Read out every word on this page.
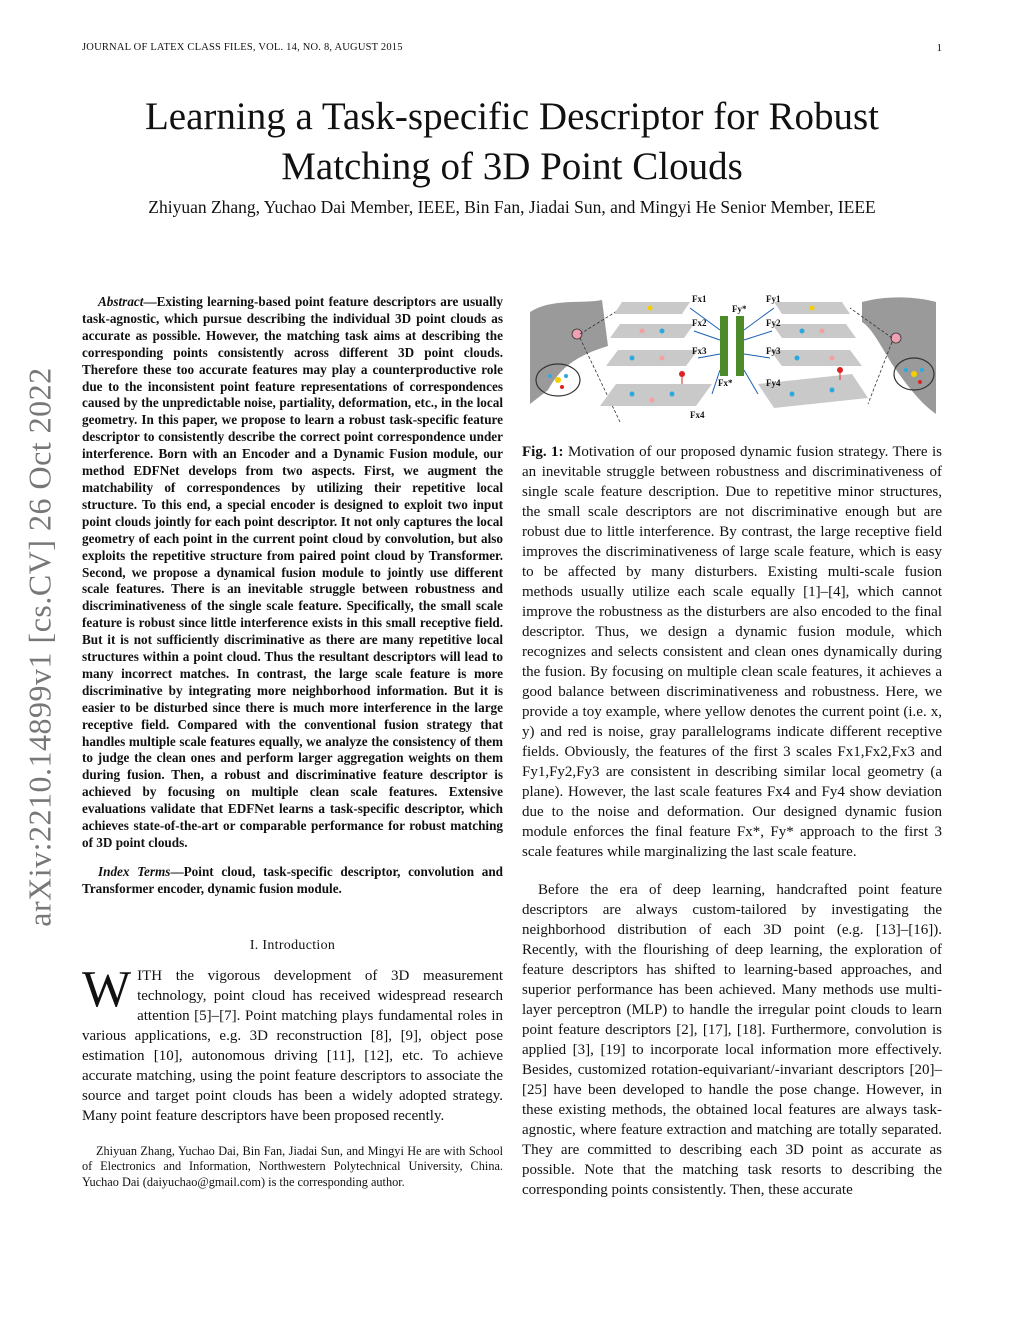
JOURNAL OF LATEX CLASS FILES, VOL. 14, NO. 8, AUGUST 2015	1
arXiv:2210.14899v1 [cs.CV] 26 Oct 2022
Learning a Task-specific Descriptor for Robust
Matching of 3D Point Clouds
Zhiyuan Zhang, Yuchao Dai Member, IEEE, Bin Fan, Jiadai Sun, and Mingyi He Senior Member, IEEE

Abstract—Existing learning-based point feature descriptors are usually task-agnostic, which pursue describing the individual 3D point clouds as accurate as possible. However, the matching task aims at describing the corresponding points consistently across different 3D point clouds. Therefore these too accurate features may play a counterproductive role due to the inconsistent point feature representations of correspondences caused by the unpredictable noise, partiality, deformation, etc., in the local geometry. In this paper, we propose to learn a robust task-specific feature descriptor to consistently describe the correct point correspondence under interference. Born with an Encoder and a Dynamic Fusion module, our method EDFNet develops from two aspects. First, we augment the matchability of correspondences by utilizing their repetitive local structure. To this end, a special encoder is designed to exploit two input point clouds jointly for each point descriptor. It not only captures the local geometry of each point in the current point cloud by convolution, but also exploits the repetitive structure from paired point cloud by Transformer. Second, we propose a dynamical fusion module to jointly use different scale features. There is an inevitable struggle between robustness and discriminativeness of the single scale feature. Specifically, the small scale feature is robust since little interference exists in this small receptive field. But it is not sufficiently discriminative as there are many repetitive local structures within a point cloud. Thus the resultant descriptors will lead to many incorrect matches. In contrast, the large scale feature is more discriminative by integrating more neighborhood information. But it is easier to be disturbed since there is much more interference in the large receptive field. Compared with the conventional fusion strategy that handles multiple scale features equally, we analyze the consistency of them to judge the clean ones and perform larger aggregation weights on them during fusion. Then, a robust and discriminative feature descriptor is achieved by focusing on multiple clean scale features. Extensive evaluations validate that EDFNet learns a task-specific descriptor, which achieves state-of-the-art or comparable performance for robust matching of 3D point clouds.

Index Terms—Point cloud, task-specific descriptor, convolution and Transformer encoder, dynamic fusion module.

I. Introduction

WITH the vigorous development of 3D measurement technology, point cloud has received widespread research attention [5]–[7]. Point matching plays fundamental roles in various applications, e.g. 3D reconstruction [8], [9], object pose estimation [10], autonomous driving [11], [12], etc. To achieve accurate matching, using the point feature descriptors to associate the source and target point clouds has been a widely adopted strategy. Many point feature descriptors have been proposed recently.

Zhiyuan Zhang, Yuchao Dai, Bin Fan, Jiadai Sun, and Mingyi He are with School of Electronics and Information, Northwestern Polytechnical University, China. Yuchao Dai (daiyuchao@gmail.com) is the corresponding author.

Fx1
Fx2
Fx3
Fx*
Fx4
Fy1
Fy*
Fy2
Fy3
Fy4

Fig. 1: Motivation of our proposed dynamic fusion strategy. There is an inevitable struggle between robustness and discriminativeness of single scale feature description. Due to repetitive minor structures, the small scale descriptors are not discriminative enough but are robust due to little interference. By contrast, the large receptive field improves the discriminativeness of large scale feature, which is easy to be affected by many disturbers. Existing multi-scale fusion methods usually utilize each scale equally [1]–[4], which cannot improve the robustness as the disturbers are also encoded to the final descriptor. Thus, we design a dynamic fusion module, which recognizes and selects consistent and clean ones dynamically during the fusion. By focusing on multiple clean scale features, it achieves a good balance between discriminativeness and robustness. Here, we provide a toy example, where yellow denotes the current point (i.e. x, y) and red is noise, gray parallelograms indicate different receptive fields. Obviously, the features of the first 3 scales Fx1,Fx2,Fx3 and Fy1,Fy2,Fy3 are consistent in describing similar local geometry (a plane). However, the last scale features Fx4 and Fy4 show deviation due to the noise and deformation. Our designed dynamic fusion module enforces the final feature Fx*, Fy* approach to the first 3 scale features while marginalizing the last scale feature.

Before the era of deep learning, handcrafted point feature descriptors are always custom-tailored by investigating the neighborhood distribution of each 3D point (e.g. [13]–[16]). Recently, with the flourishing of deep learning, the exploration of feature descriptors has shifted to learning-based approaches, and superior performance has been achieved. Many methods use multi-layer perceptron (MLP) to handle the irregular point clouds to learn point feature descriptors [2], [17], [18]. Furthermore, convolution is applied [3], [19] to incorporate local information more effectively. Besides, customized rotation-equivariant/-invariant descriptors [20]–[25] have been developed to handle the pose change. However, in these existing methods, the obtained local features are always task-agnostic, where feature extraction and matching are totally separated. They are committed to describing each 3D point as accurate as possible. Note that the matching task resorts to describing the corresponding points consistently. Then, these accurate
